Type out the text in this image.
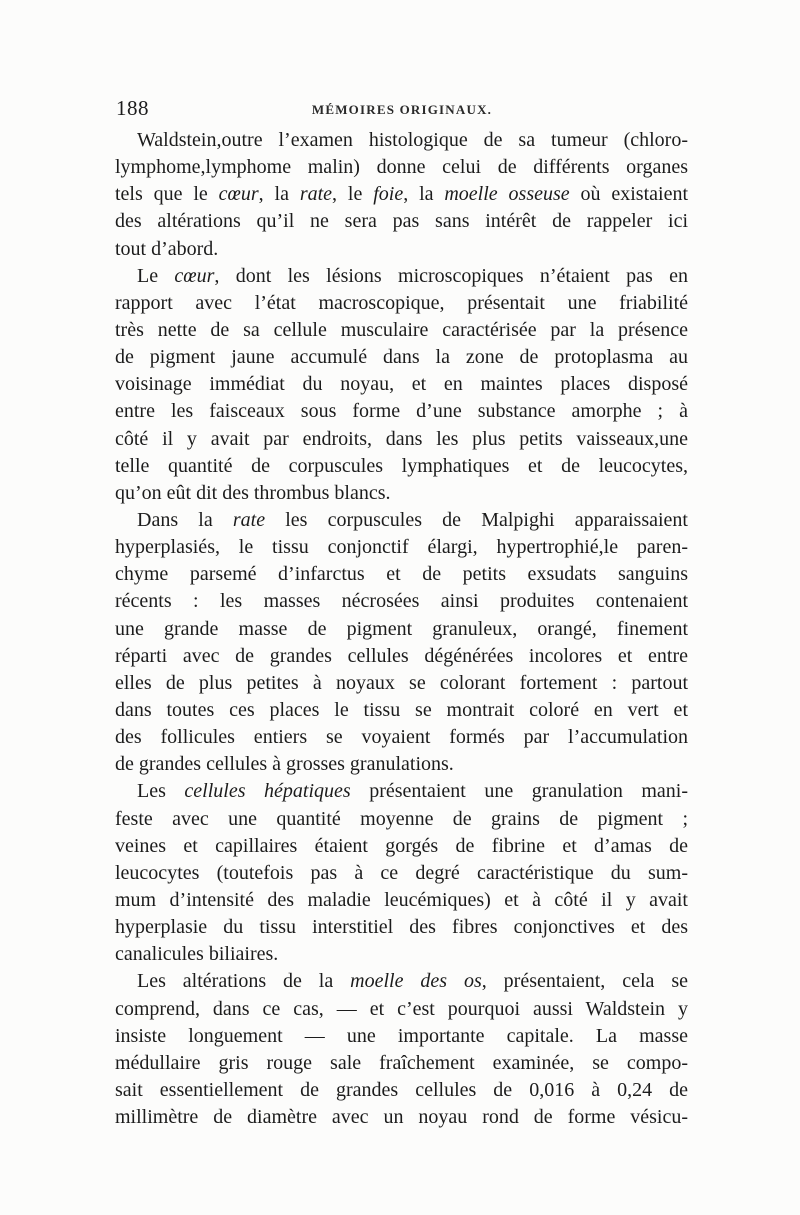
188	MÉMOIRES ORIGINAUX.
Waldstein,outre l’examen histologique de sa tumeur (chloro-
lymphome,lymphome malin) donne celui de différents organes
tels que le cœur, la rate, le foie, la moelle osseuse où existaient
des altérations qu’il ne sera pas sans intérêt de rappeler ici
tout d’abord.
Le cœur, dont les lésions microscopiques n’étaient pas en
rapport avec l’état macroscopique, présentait une friabilité
très nette de sa cellule musculaire caractérisée par la présence
de pigment jaune accumulé dans la zone de protoplasma au
voisinage immédiat du noyau, et en maintes places disposé
entre les faisceaux sous forme d’une substance amorphe ; à
côté il y avait par endroits, dans les plus petits vaisseaux,une
telle quantité de corpuscules lymphatiques et de leucocytes,
qu’on eût dit des thrombus blancs.
Dans la rate les corpuscules de Malpighi apparaissaient
hyperplasiés, le tissu conjonctif élargi, hypertrophié,le paren-
chyme parsemé d’infarctus et de petits exsudats sanguins
récents : les masses nécrosées ainsi produites contenaient
une grande masse de pigment granuleux, orangé, finement
réparti avec de grandes cellules dégénérées incolores et entre
elles de plus petites à noyaux se colorant fortement : partout
dans toutes ces places le tissu se montrait coloré en vert et
des follicules entiers se voyaient formés par l’accumulation
de grandes cellules à grosses granulations.
Les cellules hépatiques présentaient une granulation mani-
feste avec une quantité moyenne de grains de pigment ;
veines et capillaires étaient gorgés de fibrine et d’amas de
leucocytes (toutefois pas à ce degré caractéristique du sum-
mum d’intensité des maladie leucémiques) et à côté il y avait
hyperplasie du tissu interstitiel des fibres conjonctives et des
canalicules biliaires.
Les altérations de la moelle des os, présentaient, cela se
comprend, dans ce cas, — et c’est pourquoi aussi Waldstein y
insiste longuement — une importante capitale. La masse
médullaire gris rouge sale fraîchement examinée, se compo-
sait essentiellement de grandes cellules de 0,016 à 0,24 de
millimètre de diamètre avec un noyau rond de forme vésicu-
